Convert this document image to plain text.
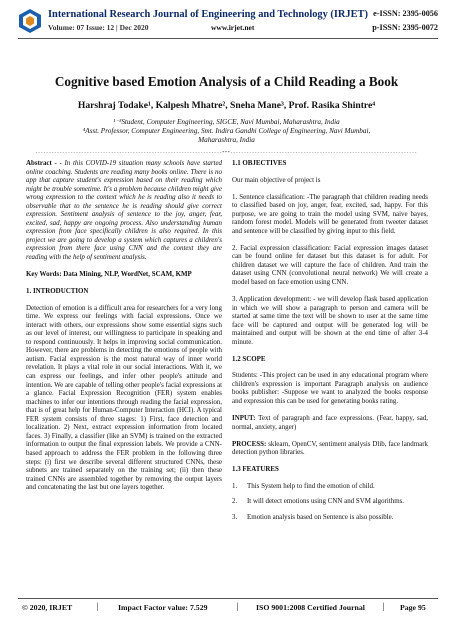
International Research Journal of Engineering and Technology (IRJET)
Volume: 07 Issue: 12 | Dec 2020	www.irjet.net
e-ISSN: 2395-0056
p-ISSN: 2395-0072
Cognitive based Emotion Analysis of a Child Reading a Book
Harshraj Todake¹, Kalpesh Mhatre², Sneha Mane³, Prof. Rasika Shintre⁴
¹⁻³Student, Computer Engineering, SIGCE, Navi Mumbai, Maharashtra, India
⁴Asst. Professor, Computer Engineering, Smt. Indira Gandhi College of Engineering, Navi Mumbai,
Maharashtra, India
---------------------------------------------------------------------***---------------------------------------------------------------------

Abstract - - In this COVID-19 situation many schools have started online coaching. Students are reading many books online. There is no app that capture student's expression based on their reading which might be trouble sometime. It's a problem because children might give wrong expression to the context which he is reading also it needs to observable that to the sentence he is reading should give correct expression. Sentiment analysis of sentence to the joy, anger, fear, excited, sad, happy are ongoing process. Also understanding human expression from face specifically children is also required. In this project we are going to develop a system which captures a children's expression from there face using CNN and the context they are reading with the help of sentiment analysis.

Key Words: Data Mining, NLP, WordNet, SCAM, KMP

1. INTRODUCTION

Detection of emotion is a difficult area for researchers for a very long time. We express our feelings with facial expressions. Once we interact with others, our expressions show some essential signs such as our level of interest, our willingness to participate in speaking and to respond continuously. It helps in improving social communication. However, there are problems in detecting the emotions of people with autism. Facial expression is the most natural way of inner world revelation. It plays a vital role in our social interactions. With it, we can express our feelings, and infer other people's attitude and intention. We are capable of telling other people's facial expressions at a glance. Facial Expression Recognition (FER) system enables machines to infer our intentions through reading the facial expression, that is of great help for Human-Computer Interaction (HCI). A typical FER system consists of three stages: 1) First, face detection and localization. 2) Next, extract expression information from located faces. 3) Finally, a classifier (like an SVM) is trained on the extracted information to output the final expression labels. We provide a CNN-based approach to address the FER problem in the following three steps: (i) first we describe several different structured CNNs, these subnets are trained separately on the training set; (ii) then these trained CNNs are assembled together by removing the output layers and concatenating the last but one layers together.

1.1 OBJECTIVES

Our main objective of project is

1. Sentence classification: -The paragraph that children reading needs to classified based on joy, anger, fear, excited, sad, happy. For this purpose, we are going to train the model using SVM, naive bayes, random forest model. Models will be generated from tweeter dataset and sentence will be classified by giving input to this field.

2. Facial expression classification: Facial expression images dataset can be found online fer dataset but this dataset is for adult. For children dataset we will capture the face of children. And train the dataset using CNN (convolutional neural network) We will create a model based on face emotion using CNN.

3. Application development: - we will develop flask based application in which we will show a paragraph to person and camera will be started at same time the text will be shown to user at the same time face will be captured and output will be generated log will be maintained and output will be shown at the end time of after 3-4 minute.

1.2 SCOPE

Students: -This project can be used in any educational program where children's expression is important Paragraph analysis on audience books publisher: -Suppose we want to analyzed the books response and expression this can be used for generating books rating.

INPUT: Text of paragraph and face expressions. (Fear, happy, sad, normal, anxiety, anger)

PROCESS: sklearn, OpenCV, sentiment analysis Dlib, face landmark detection python libraries.

1.3 FEATURES
1.	This System help to find the emotion of child.
2.	It will detect emotions using CNN and SVM algorithms.
3.	Emotion analysis based on Sentence is also possible.
© 2020, IRJET	| Impact Factor value: 7.529	| ISO 9001:2008 Certified Journal | Page 95
